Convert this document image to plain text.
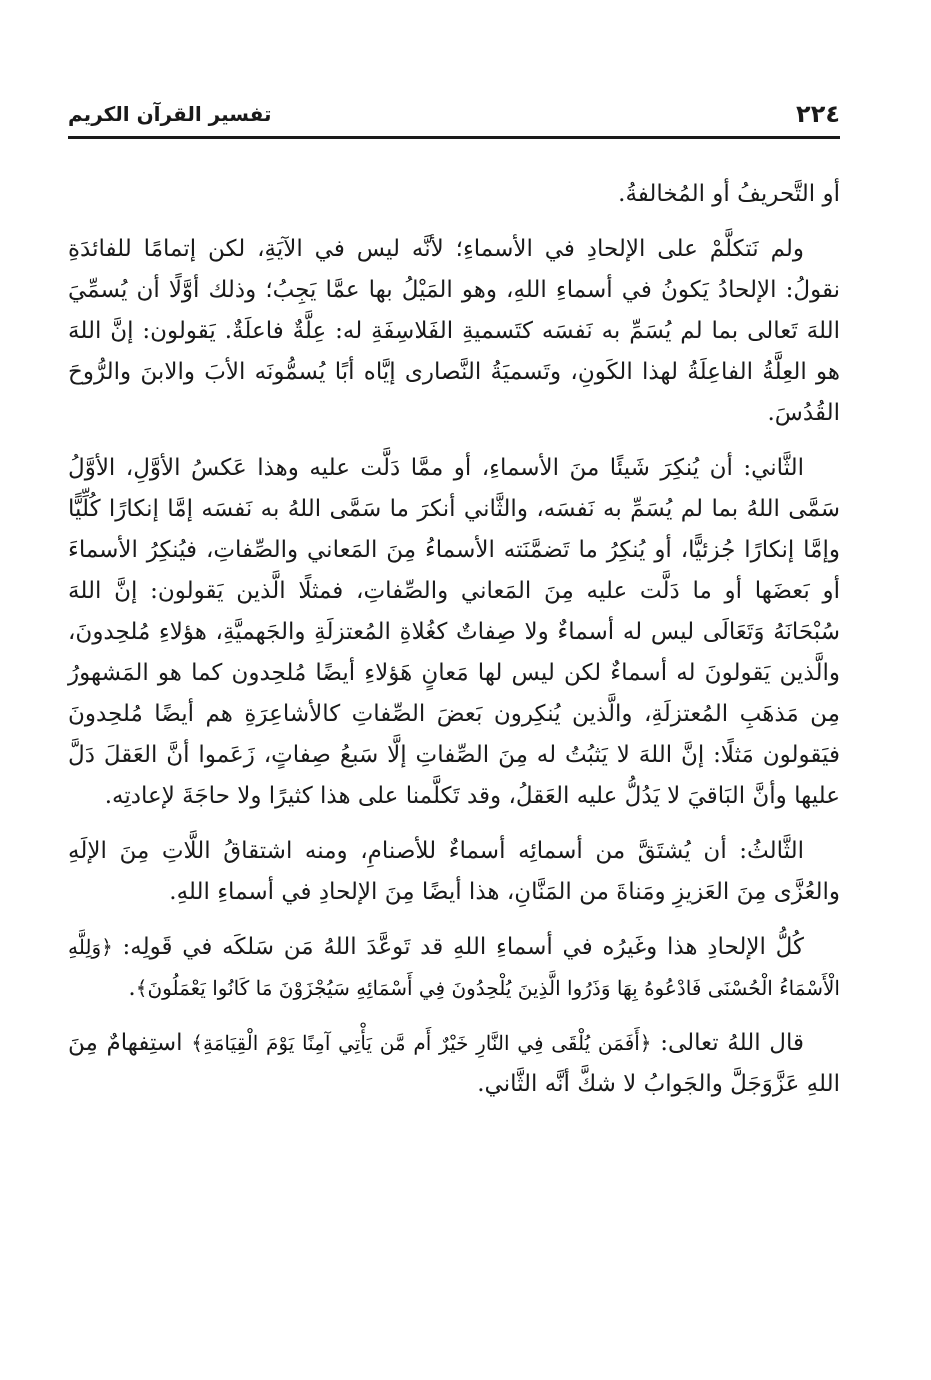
٢٢٤
تفسير القرآن الكريم

أو التَّحريفُ أو المُخالفةُ.

ولم نَتكلَّمْ على الإلحادِ في الأسماءِ؛ لأنَّه ليس في الآيَةِ، لكن إتمامًا للفائدَةِ نقولُ: الإلحادُ يَكونُ في أسماءِ اللهِ، وهو المَيْلُ بها عمَّا يَجِبُ؛ وذلك أوَّلًا أن يُسمِّيَ اللهَ تَعالى بما لم يُسَمِّ به نَفسَه كتَسميةِ الفَلاسِفَةِ له: عِلَّةٌ فاعلَةٌ. يَقولون: إنَّ اللهَ هو العِلَّةُ الفاعِلَةُ لهذا الكَونِ، وتَسميَةُ النَّصارى إيَّاه أبًا يُسمُّونَه الأبَ والابنَ والرُّوحَ القُدُسَ.

الثَّاني: أن يُنكِرَ شَيئًا منَ الأسماءِ، أو ممَّا دَلَّت عليه وهذا عَكسُ الأوَّلِ، الأوَّلُ سَمَّى اللهُ بما لم يُسَمِّ به نَفسَه، والثَّاني أنكرَ ما سَمَّى اللهُ به نَفسَه إمَّا إنكارًا كُلِّيًّا وإمَّا إنكارًا جُزئيًّا، أو يُنكِرُ ما تَضمَّنَته الأسماءُ مِنَ المَعاني والصِّفاتِ، فيُنكِرُ الأسماءَ أو بَعضَها أو ما دَلَّت عليه مِنَ المَعاني والصِّفاتِ، فمثلًا الَّذين يَقولون: إنَّ اللهَ سُبْحَانَهُ وَتَعَالَى ليس له أسماءٌ ولا صِفاتٌ كغُلاةِ المُعتزلَةِ والجَهميَّةِ، هؤلاءِ مُلحِدونَ، والَّذين يَقولونَ له أسماءٌ لكن ليس لها مَعانٍ هَؤلاءِ أيضًا مُلحِدون كما هو المَشهورُ مِن مَذهَبِ المُعتزلَةِ، والَّذين يُنكِرون بَعضَ الصِّفاتِ كالأشاعِرَةِ هم أيضًا مُلحِدونَ فيَقولون مَثلًا: إنَّ اللهَ لا يَثبُتُ له مِنَ الصِّفاتِ إلَّا سَبعُ صِفاتٍ، زَعَموا أنَّ العَقلَ دَلَّ عليها وأنَّ البَاقيَ لا يَدُلُّ عليه العَقلُ، وقد تَكلَّمنا على هذا كثيرًا ولا حاجَةَ لإعادتِه.

الثَّالثُ: أن يُشتَقَّ من أسمائِه أسماءٌ للأصنامِ، ومنه اشتقاقُ اللَّاتِ مِنَ الإلَهِ والعُزَّى مِنَ العَزيزِ ومَناةَ من المَنَّانِ، هذا أيضًا مِنَ الإلحادِ في أسماءِ اللهِ.

كُلُّ الإلحادِ هذا وغَيرُه في أسماءِ اللهِ قد تَوعَّدَ اللهُ مَن سَلكَه في قَولِه: ﴿وَلِلَّهِ الْأَسْمَاءُ الْحُسْنَى فَادْعُوهُ بِهَا وَذَرُوا الَّذِينَ يُلْحِدُونَ فِي أَسْمَائِهِ سَيُجْزَوْنَ مَا كَانُوا يَعْمَلُونَ﴾.

قال اللهُ تعالى: ﴿أَفَمَن يُلْقَى فِي النَّارِ خَيْرٌ أَم مَّن يَأْتِي آمِنًا يَوْمَ الْقِيَامَةِ﴾ استِفهامٌ مِنَ اللهِ عَزَّوَجَلَّ والجَوابُ لا شكَّ أنَّه الثَّاني.
